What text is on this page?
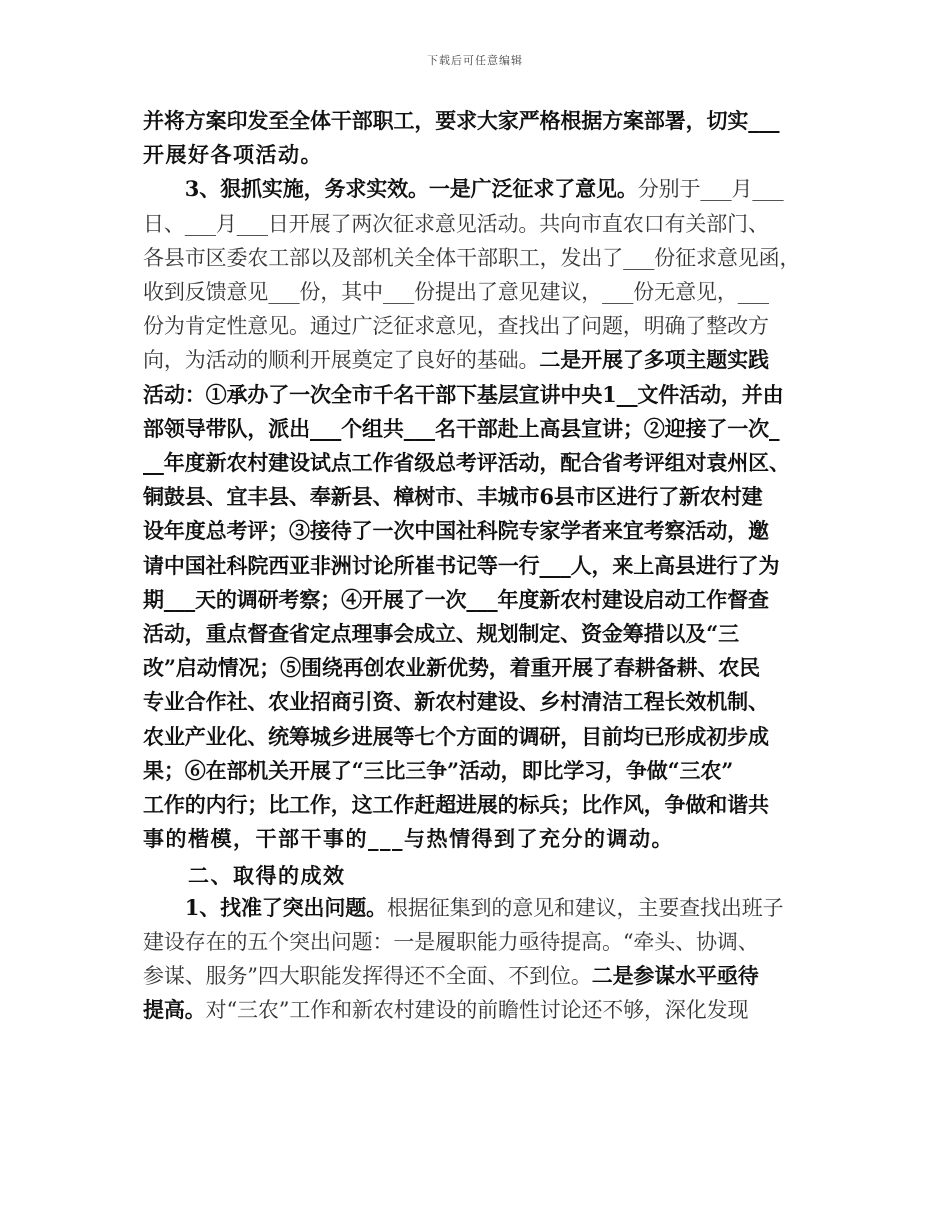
下载后可任意编辑
并将方案印发至全体干部职工，要求大家严格根据方案部署，切实___
开展好各项活动。
　　3、狠抓实施，务求实效。一是广泛征求了意见。分别于___月___
日、___月___日开展了两次征求意见活动。共向市直农口有关部门、
各县市区委农工部以及部机关全体干部职工，发出了___份征求意见函，
收到反馈意见___份，其中___份提出了意见建议，___份无意见，___
份为肯定性意见。通过广泛征求意见，查找出了问题，明确了整改方
向，为活动的顺利开展奠定了良好的基础。二是开展了多项主题实践
活动：①承办了一次全市千名干部下基层宣讲中央1__文件活动，并由
部领导带队，派出___个组共___名干部赴上高县宣讲；②迎接了一次_
__年度新农村建设试点工作省级总考评活动，配合省考评组对袁州区、
铜鼓县、宜丰县、奉新县、樟树市、丰城市6县市区进行了新农村建
设年度总考评；③接待了一次中国社科院专家学者来宜考察活动，邀
请中国社科院西亚非洲讨论所崔书记等一行___人，来上高县进行了为
期___天的调研考察；④开展了一次___年度新农村建设启动工作督查
活动，重点督查省定点理事会成立、规划制定、资金筹措以及“三
改”启动情况；⑤围绕再创农业新优势，着重开展了春耕备耕、农民
专业合作社、农业招商引资、新农村建设、乡村清洁工程长效机制、
农业产业化、统筹城乡进展等七个方面的调研，目前均已形成初步成
果；⑥在部机关开展了“三比三争”活动，即比学习，争做“三农”
工作的内行；比工作，这工作赶超进展的标兵；比作风，争做和谐共
事的楷模，干部干事的___与热情得到了充分的调动。
　　二、取得的成效
　　1、找准了突出问题。根据征集到的意见和建议，主要查找出班子
建设存在的五个突出问题：一是履职能力亟待提高。“牵头、协调、
参谋、服务”四大职能发挥得还不全面、不到位。二是参谋水平亟待
提高。对“三农”工作和新农村建设的前瞻性讨论还不够，深化发现
